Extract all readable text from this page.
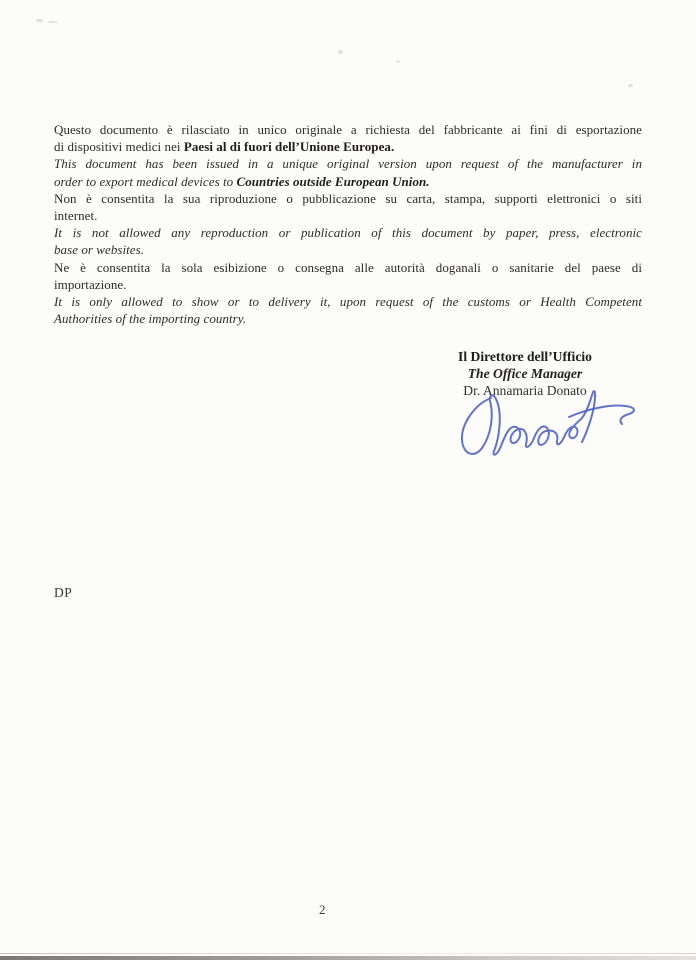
Questo documento è rilasciato in unico originale a richiesta del fabbricante ai fini di esportazione
di dispositivi medici nei Paesi al di fuori dell’Unione Europea.
This document has been issued in a unique original version upon request of the manufacturer in
order to export medical devices to Countries outside European Union.
Non è consentita la sua riproduzione o pubblicazione su carta, stampa, supporti elettronici o siti
internet.
It is not allowed any reproduction or publication of this document by paper, press, electronic
base or websites.
Ne è consentita la sola esibizione o consegna alle autorità doganali o sanitarie del paese di
importazione.
It is only allowed to show or to delivery it, upon request of the customs or Health Competent
Authorities of the importing country.
Il Direttore dell’Ufficio
The Office Manager
Dr. Annamaria Donato
DP
2
